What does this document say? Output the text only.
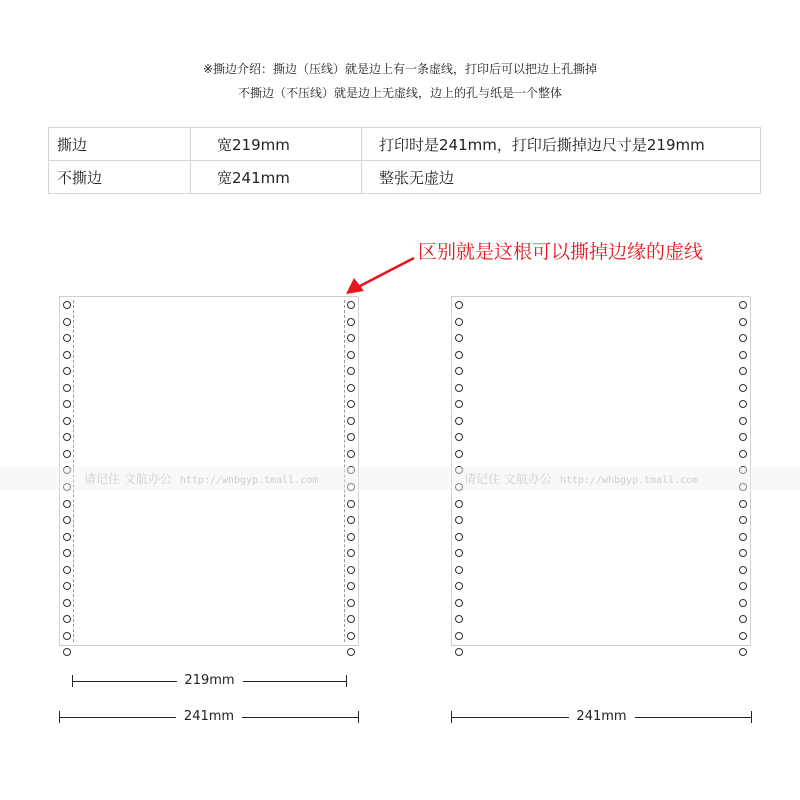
※撕边介绍：撕边（压线）就是边上有一条虚线，打印后可以把边上孔撕掉
不撕边（不压线）就是边上无虚线，边上的孔与纸是一个整体
撕边	宽219mm	打印时是241mm，打印后撕掉边尺寸是219mm
不撕边	宽241mm	整张无虚边
区别就是这根可以撕掉边缘的虚线
请记住 文航办公 http://whbgyp.tmall.com	请记住 文航办公 http://whbgyp.tmall.com
219mm
241mm	241mm
